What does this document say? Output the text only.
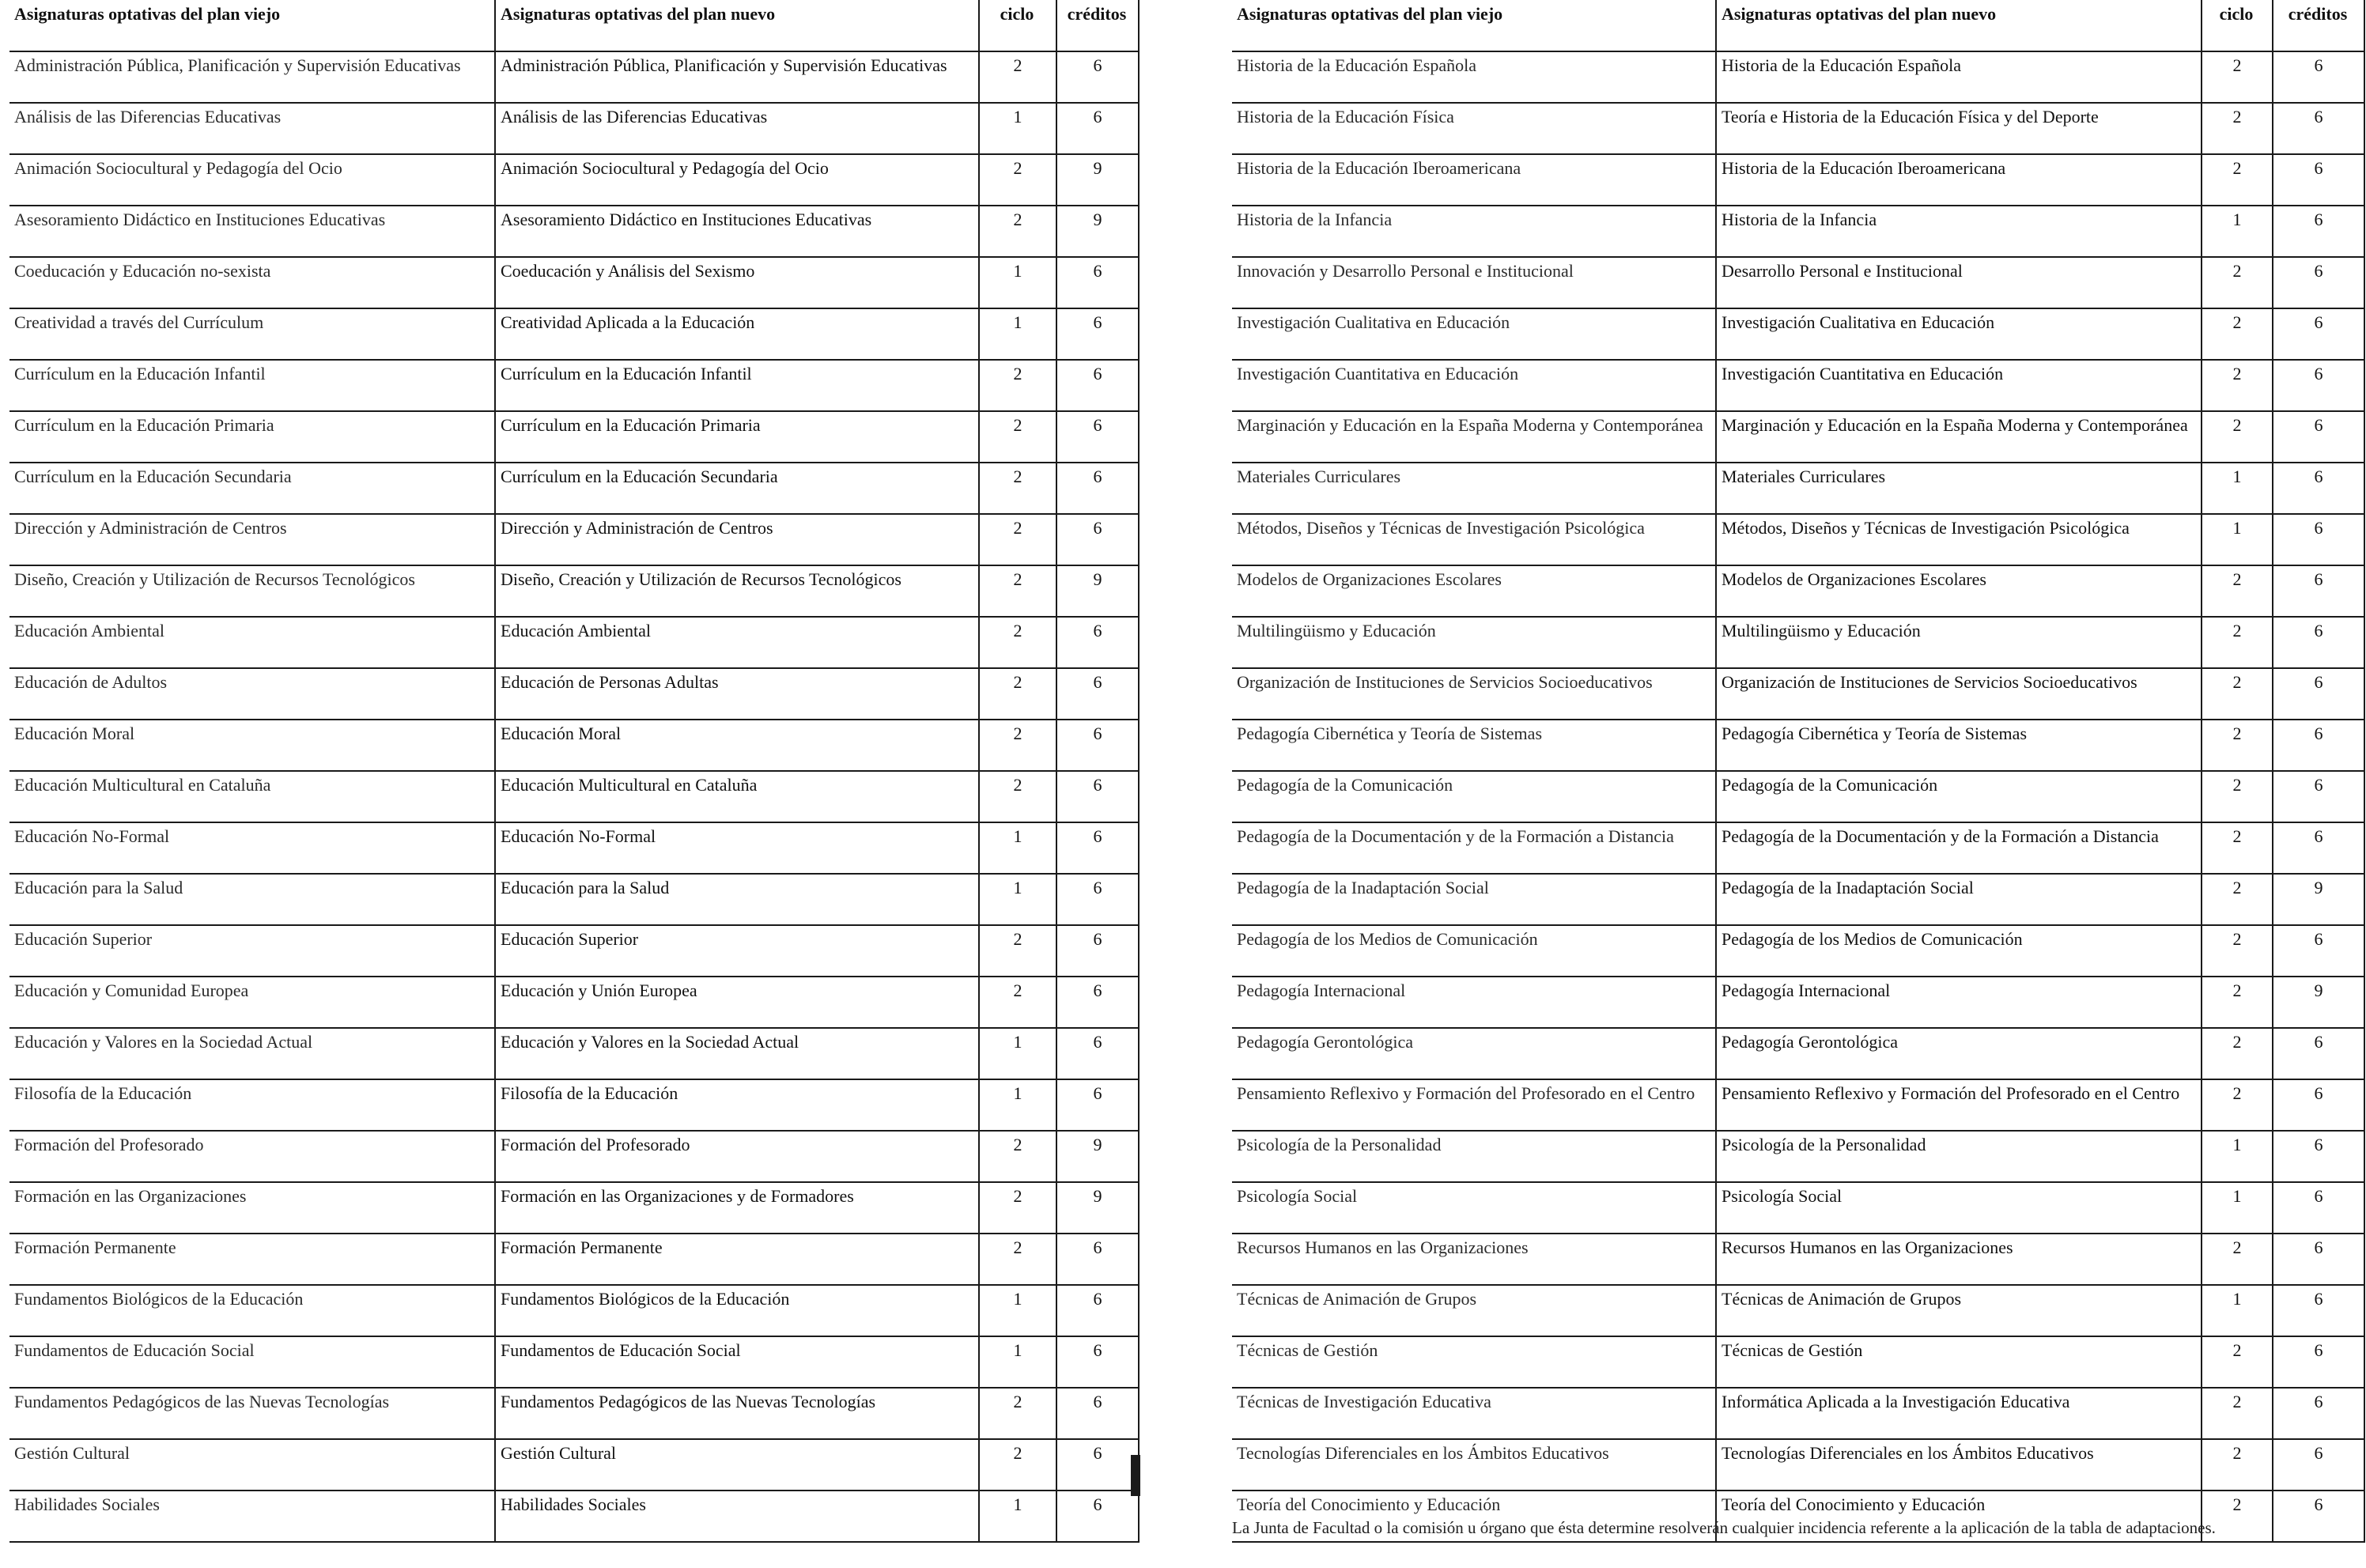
Asignaturas optativas del plan viejo	Asignaturas optativas del plan nuevo	ciclo	créditos
Administración Pública, Planificación y Supervisión Educativas	Administración Pública, Planificación y Supervisión Educativas	2	6
Análisis de las Diferencias Educativas	Análisis de las Diferencias Educativas	1	6
Animación Sociocultural y Pedagogía del Ocio	Animación Sociocultural y Pedagogía del Ocio	2	9
Asesoramiento Didáctico en Instituciones Educativas	Asesoramiento Didáctico en Instituciones Educativas	2	9
Coeducación y Educación no-sexista	Coeducación y Análisis del Sexismo	1	6
Creatividad a través del Currículum	Creatividad Aplicada a la Educación	1	6
Currículum en la Educación Infantil	Currículum en la Educación Infantil	2	6
Currículum en la Educación Primaria	Currículum en la Educación Primaria	2	6
Currículum en la Educación Secundaria	Currículum en la Educación Secundaria	2	6
Dirección y Administración de Centros	Dirección y Administración de Centros	2	6
Diseño, Creación y Utilización de Recursos Tecnológicos	Diseño, Creación y Utilización de Recursos Tecnológicos	2	9
Educación Ambiental	Educación Ambiental	2	6
Educación de Adultos	Educación de Personas Adultas	2	6
Educación Moral	Educación Moral	2	6
Educación Multicultural en Cataluña	Educación Multicultural en Cataluña	2	6
Educación No-Formal	Educación No-Formal	1	6
Educación para la Salud	Educación para la Salud	1	6
Educación Superior	Educación Superior	2	6
Educación y Comunidad Europea	Educación y Unión Europea	2	6
Educación y Valores en la Sociedad Actual	Educación y Valores en la Sociedad Actual	1	6
Filosofía de la Educación	Filosofía de la Educación	1	6
Formación del Profesorado	Formación del Profesorado	2	9
Formación en las Organizaciones	Formación en las Organizaciones y de Formadores	2	9
Formación Permanente	Formación Permanente	2	6
Fundamentos Biológicos de la Educación	Fundamentos Biológicos de la Educación	1	6
Fundamentos de Educación Social	Fundamentos de Educación Social	1	6
Fundamentos Pedagógicos de las Nuevas Tecnologías	Fundamentos Pedagógicos de las Nuevas Tecnologías	2	6
Gestión Cultural	Gestión Cultural	2	6
Habilidades Sociales	Habilidades Sociales	1	6
Asignaturas optativas del plan viejo	Asignaturas optativas del plan nuevo	ciclo	créditos
Historia de la Educación Española	Historia de la Educación Española	2	6
Historia de la Educación Física	Teoría e Historia de la Educación Física y del Deporte	2	6
Historia de la Educación Iberoamericana	Historia de la Educación Iberoamericana	2	6
Historia de la Infancia	Historia de la Infancia	1	6
Innovación y Desarrollo Personal e Institucional	Desarrollo Personal e Institucional	2	6
Investigación Cualitativa en Educación	Investigación Cualitativa en Educación	2	6
Investigación Cuantitativa en Educación	Investigación Cuantitativa en Educación	2	6
Marginación y Educación en la España Moderna y Contemporánea	Marginación y Educación en la España Moderna y Contemporánea	2	6
Materiales Curriculares	Materiales Curriculares	1	6
Métodos, Diseños y Técnicas de Investigación Psicológica	Métodos, Diseños y Técnicas de Investigación Psicológica	1	6
Modelos de Organizaciones Escolares	Modelos de Organizaciones Escolares	2	6
Multilingüismo y Educación	Multilingüismo y Educación	2	6
Organización de Instituciones de Servicios Socioeducativos	Organización de Instituciones de Servicios Socioeducativos	2	6
Pedagogía Cibernética y Teoría de Sistemas	Pedagogía Cibernética y Teoría de Sistemas	2	6
Pedagogía de la Comunicación	Pedagogía de la Comunicación	2	6
Pedagogía de la Documentación y de la Formación a Distancia	Pedagogía de la Documentación y de la Formación a Distancia	2	6
Pedagogía de la Inadaptación Social	Pedagogía de la Inadaptación Social	2	9
Pedagogía de los Medios de Comunicación	Pedagogía de los Medios de Comunicación	2	6
Pedagogía Internacional	Pedagogía Internacional	2	9
Pedagogía Gerontológica	Pedagogía Gerontológica	2	6
Pensamiento Reflexivo y Formación del Profesorado en el Centro	Pensamiento Reflexivo y Formación del Profesorado en el Centro	2	6
Psicología de la Personalidad	Psicología de la Personalidad	1	6
Psicología Social	Psicología Social	1	6
Recursos Humanos en las Organizaciones	Recursos Humanos en las Organizaciones	2	6
Técnicas de Animación de Grupos	Técnicas de Animación de Grupos	1	6
Técnicas de Gestión	Técnicas de Gestión	2	6
Técnicas de Investigación Educativa	Informática Aplicada a la Investigación Educativa	2	6
Tecnologías Diferenciales en los Ámbitos Educativos	Tecnologías Diferenciales en los Ámbitos Educativos	2	6
Teoría del Conocimiento y Educación	Teoría del Conocimiento y Educación	2	6
La Junta de Facultad o la comisión u órgano que ésta determine resolverán cualquier incidencia referente a la aplicación de la tabla de adaptaciones.
